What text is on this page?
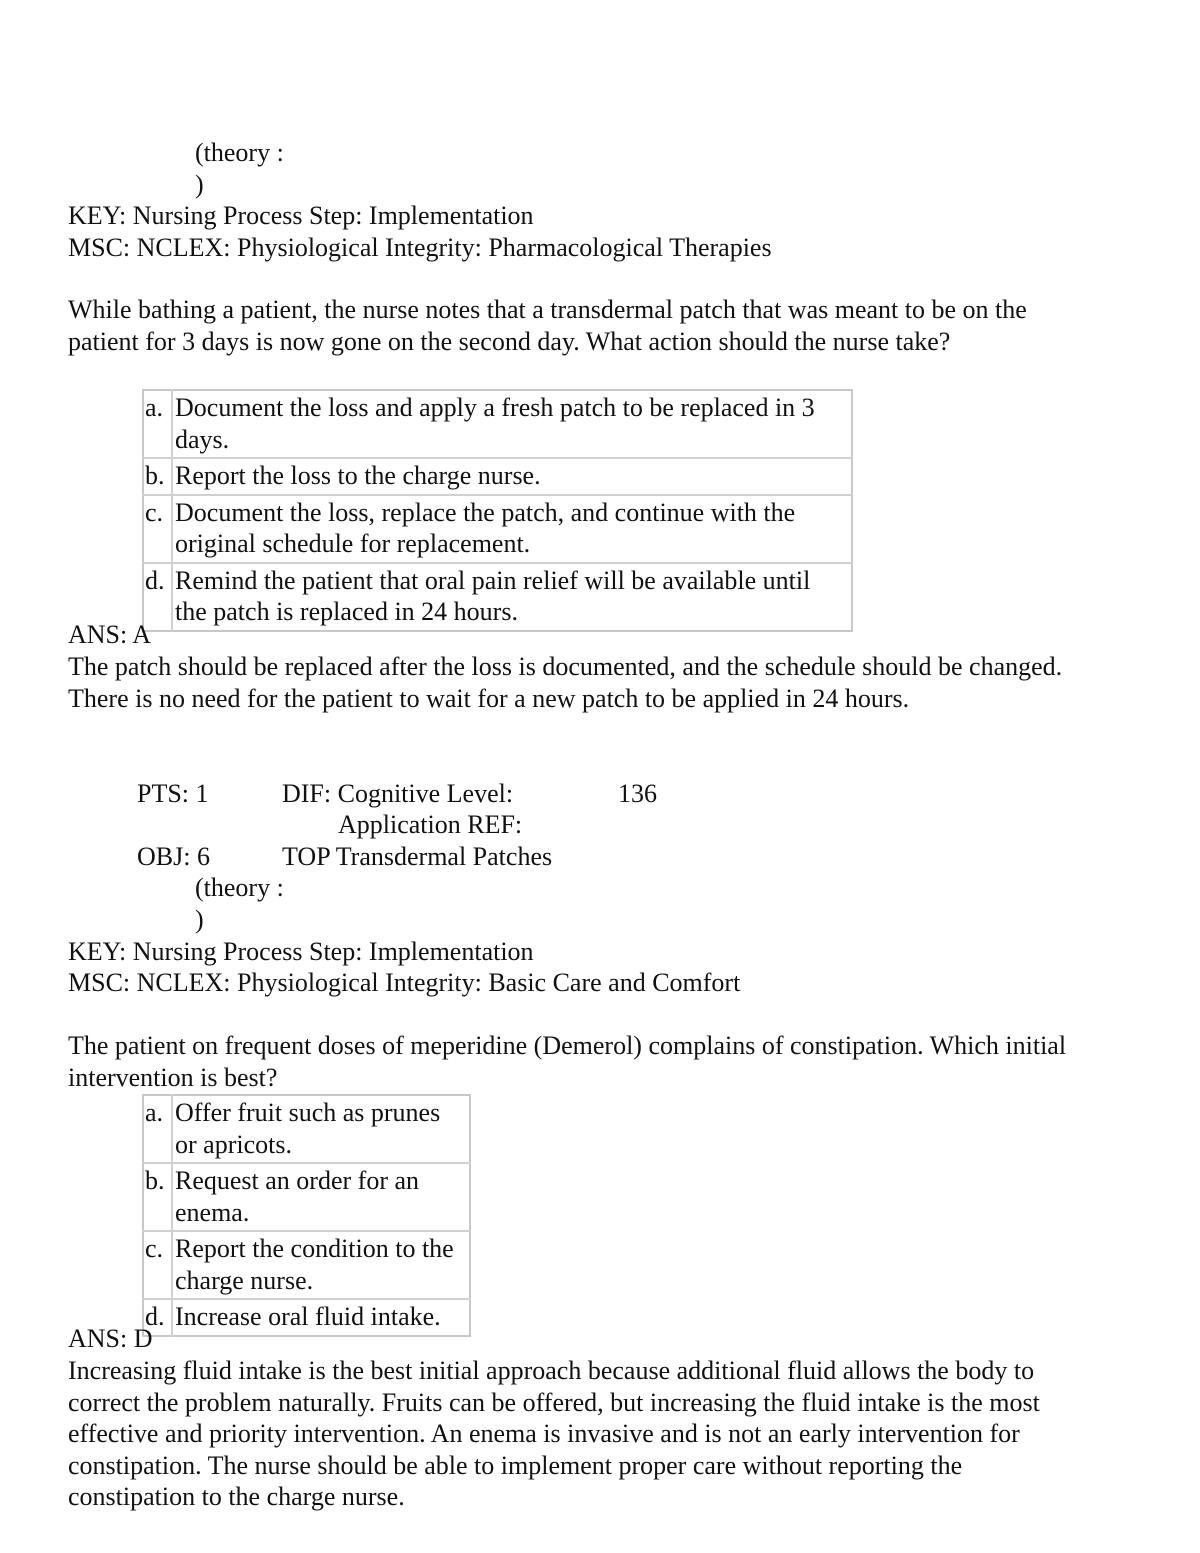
(theory :
)
KEY: Nursing Process Step: Implementation
MSC: NCLEX: Physiological Integrity: Pharmacological Therapies
While bathing a patient, the nurse notes that a transdermal patch that was meant to be on the patient for 3 days is now gone on the second day. What action should the nurse take?
a.	Document the loss and apply a fresh patch to be replaced in 3 days.
b.	Report the loss to the charge nurse.
c.	Document the loss, replace the patch, and continue with the original schedule for replacement.
d.	Remind the patient that oral pain relief will be available until the patch is replaced in 24 hours.
ANS: A
The patch should be replaced after the loss is documented, and the schedule should be changed. There is no need for the patient to wait for a new patch to be applied in 24 hours.
PTS: 1	DIF: Cognitive Level:	136
Application REF:
OBJ: 6	TOP Transdermal Patches
(theory :
)
KEY: Nursing Process Step: Implementation
MSC: NCLEX: Physiological Integrity: Basic Care and Comfort
The patient on frequent doses of meperidine (Demerol) complains of constipation. Which initial intervention is best?
a.	Offer fruit such as prunes or apricots.
b.	Request an order for an enema.
c.	Report the condition to the charge nurse.
d.	Increase oral fluid intake.
ANS: D
Increasing fluid intake is the best initial approach because additional fluid allows the body to correct the problem naturally. Fruits can be offered, but increasing the fluid intake is the most effective and priority intervention. An enema is invasive and is not an early intervention for constipation. The nurse should be able to implement proper care without reporting the constipation to the charge nurse.
